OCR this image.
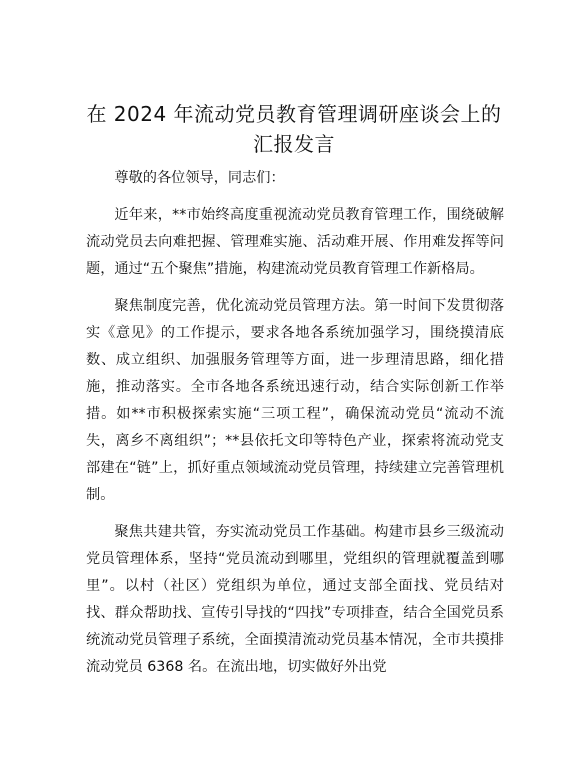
在 2024 年流动党员教育管理调研座谈会上的汇报发言

尊敬的各位领导，同志们：

近年来，**市始终高度重视流动党员教育管理工作，围绕破解流动党员去向难把握、管理难实施、活动难开展、作用难发挥等问题，通过“五个聚焦”措施，构建流动党员教育管理工作新格局。

聚焦制度完善，优化流动党员管理方法。第一时间下发贯彻落实《意见》的工作提示，要求各地各系统加强学习，围绕摸清底数、成立组织、加强服务管理等方面，进一步理清思路，细化措施，推动落实。全市各地各系统迅速行动，结合实际创新工作举措。如**市积极探索实施“三项工程”，确保流动党员“流动不流失，离乡不离组织”；**县依托文印等特色产业，探索将流动党支部建在“链”上，抓好重点领域流动党员管理，持续建立完善管理机制。

聚焦共建共管，夯实流动党员工作基础。构建市县乡三级流动党员管理体系，坚持“党员流动到哪里，党组织的管理就覆盖到哪里”。以村（社区）党组织为单位，通过支部全面找、党员结对找、群众帮助找、宣传引导找的“四找”专项排查，结合全国党员系统流动党员管理子系统，全面摸清流动党员基本情况，全市共摸排流动党员 6368 名。在流出地，切实做好外出党
